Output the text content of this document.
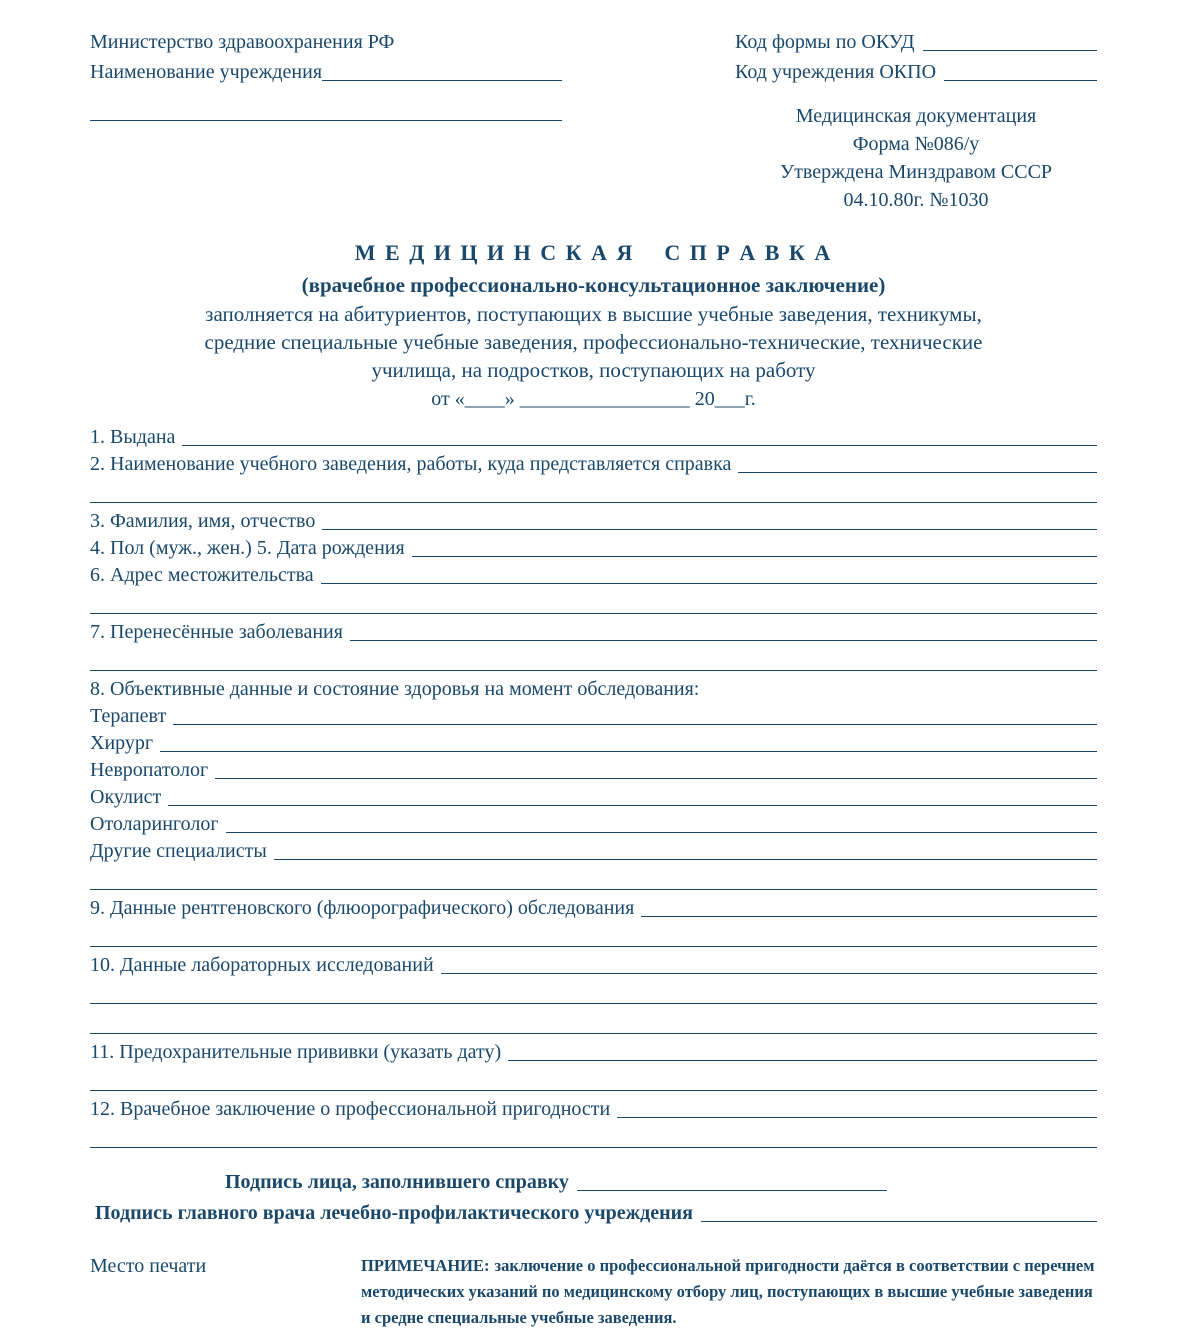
Министерство здравоохранения РФ
Наименование учреждения
Код формы по ОКУД
Код учреждения ОКПО
Медицинская документация
Форма №086/у
Утверждена Минздравом СССР
04.10.80г. №1030
М Е Д И Ц И Н С К А Я    С П Р А В К А
(врачебное профессионально-консультационное заключение)
заполняется на абитуриентов, поступающих в высшие учебные заведения, техникумы,
средние специальные учебные заведения, профессионально-технические, технические
училища, на подростков, поступающих на работу
от «____» _________________ 20___г.
1. Выдана
2. Наименование учебного заведения, работы, куда представляется справка
3. Фамилия, имя, отчество
4. Пол (муж., жен.) 5. Дата рождения
6. Адрес местожительства
7. Перенесённые заболевания
8. Объективные данные и состояние здоровья на момент обследования:
Терапевт
Хирург
Невропатолог
Окулист
Отоларинголог
Другие специалисты
9. Данные рентгеновского (флюорографического) обследования
10. Данные лабораторных исследований
11. Предохранительные прививки (указать дату)
12. Врачебное заключение о профессиональной пригодности
Подпись лица, заполнившего справку
Подпись главного врача лечебно-профилактического учреждения
Место печати	ПРИМЕЧАНИЕ: заключение о профессиональной пригодности даётся в соответствии с перечнем методических указаний по медицинскому отбору лиц, поступающих в высшие учебные заведения и средне специальные учебные заведения.
